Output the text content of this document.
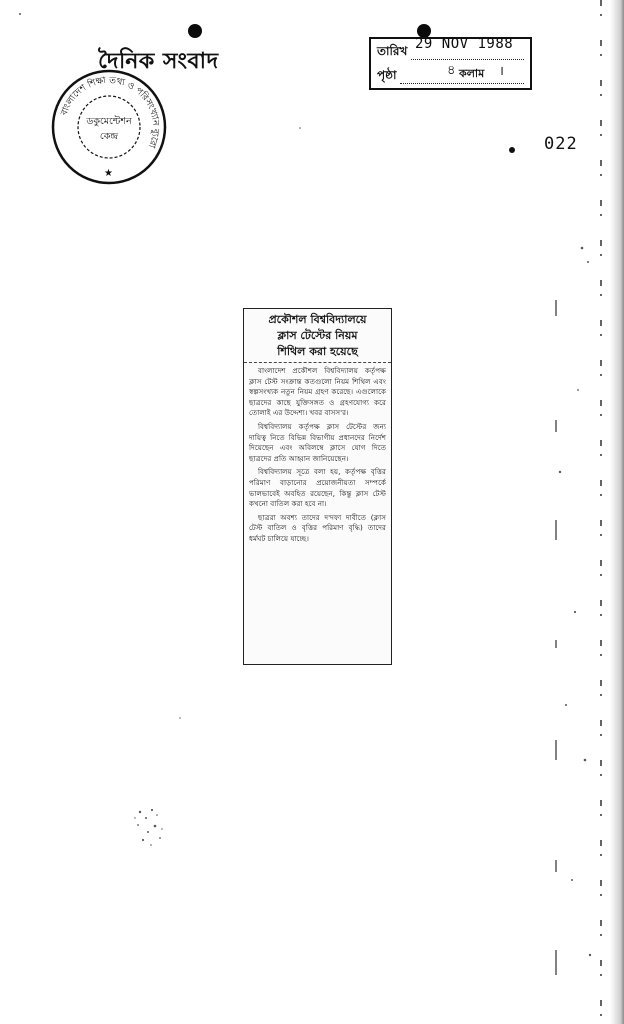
দৈনিক সংবাদ
বাংলাদেশ শিক্ষা তথ্য ও পরিসংখ্যান ব্যুরো
ডকুমেন্টেশন
কেন্দ্র
★
তারিখ 29 NOV 1988
পৃষ্ঠা	৪ কলাম ।
022
প্রকৌশল বিশ্ববিদ্যালয়ে
ক্লাস টেস্টের নিয়ম
শিথিল করা হয়েছে

বাংলাদেশ প্রকৌশল বিশ্ববিদ্যালয় কর্তৃপক্ষ ক্লাস টেস্ট সংক্রান্ত কতগুলো নিয়ম শিথিল এবং স্বল্পসংখ্যক নতুন নিয়ম গ্রহণ করেছে। এগুলোকে ছাত্রদের কাছে যুক্তিসঙ্গত ও গ্রহণযোগ্য করে তোলাই এর উদ্দেশ্য। খবর বাসস'র।

বিশ্ববিদ্যালয় কর্তৃপক্ষ ক্লাস টেস্টের জন্য দায়িত্ব নিতে বিভিন্ন বিভাগীয় প্রধানদের নির্দেশ দিয়েছেন এবং অবিলম্বে ক্লাসে যোগ দিতে ছাত্রদের প্রতি আহ্বান জানিয়েছেন।

বিশ্ববিদ্যালয় সূত্রে বলা হয়, কর্তৃপক্ষ বৃত্তির পরিমাণ বাড়ানোর প্রয়োজনীয়তা সম্পর্কে ভালভাবেই অবহিত রয়েছেন, কিন্তু ক্লাস টেস্ট কখনো বাতিল করা হবে না।

ছাত্ররা অবশ্য তাদের দ'দফা দাবীতে (ক্লাস টেস্ট বাতিল ও বৃত্তির পরিমাণ বৃদ্ধি) তাদের ধর্মঘট চালিয়ে যাচ্ছে।
